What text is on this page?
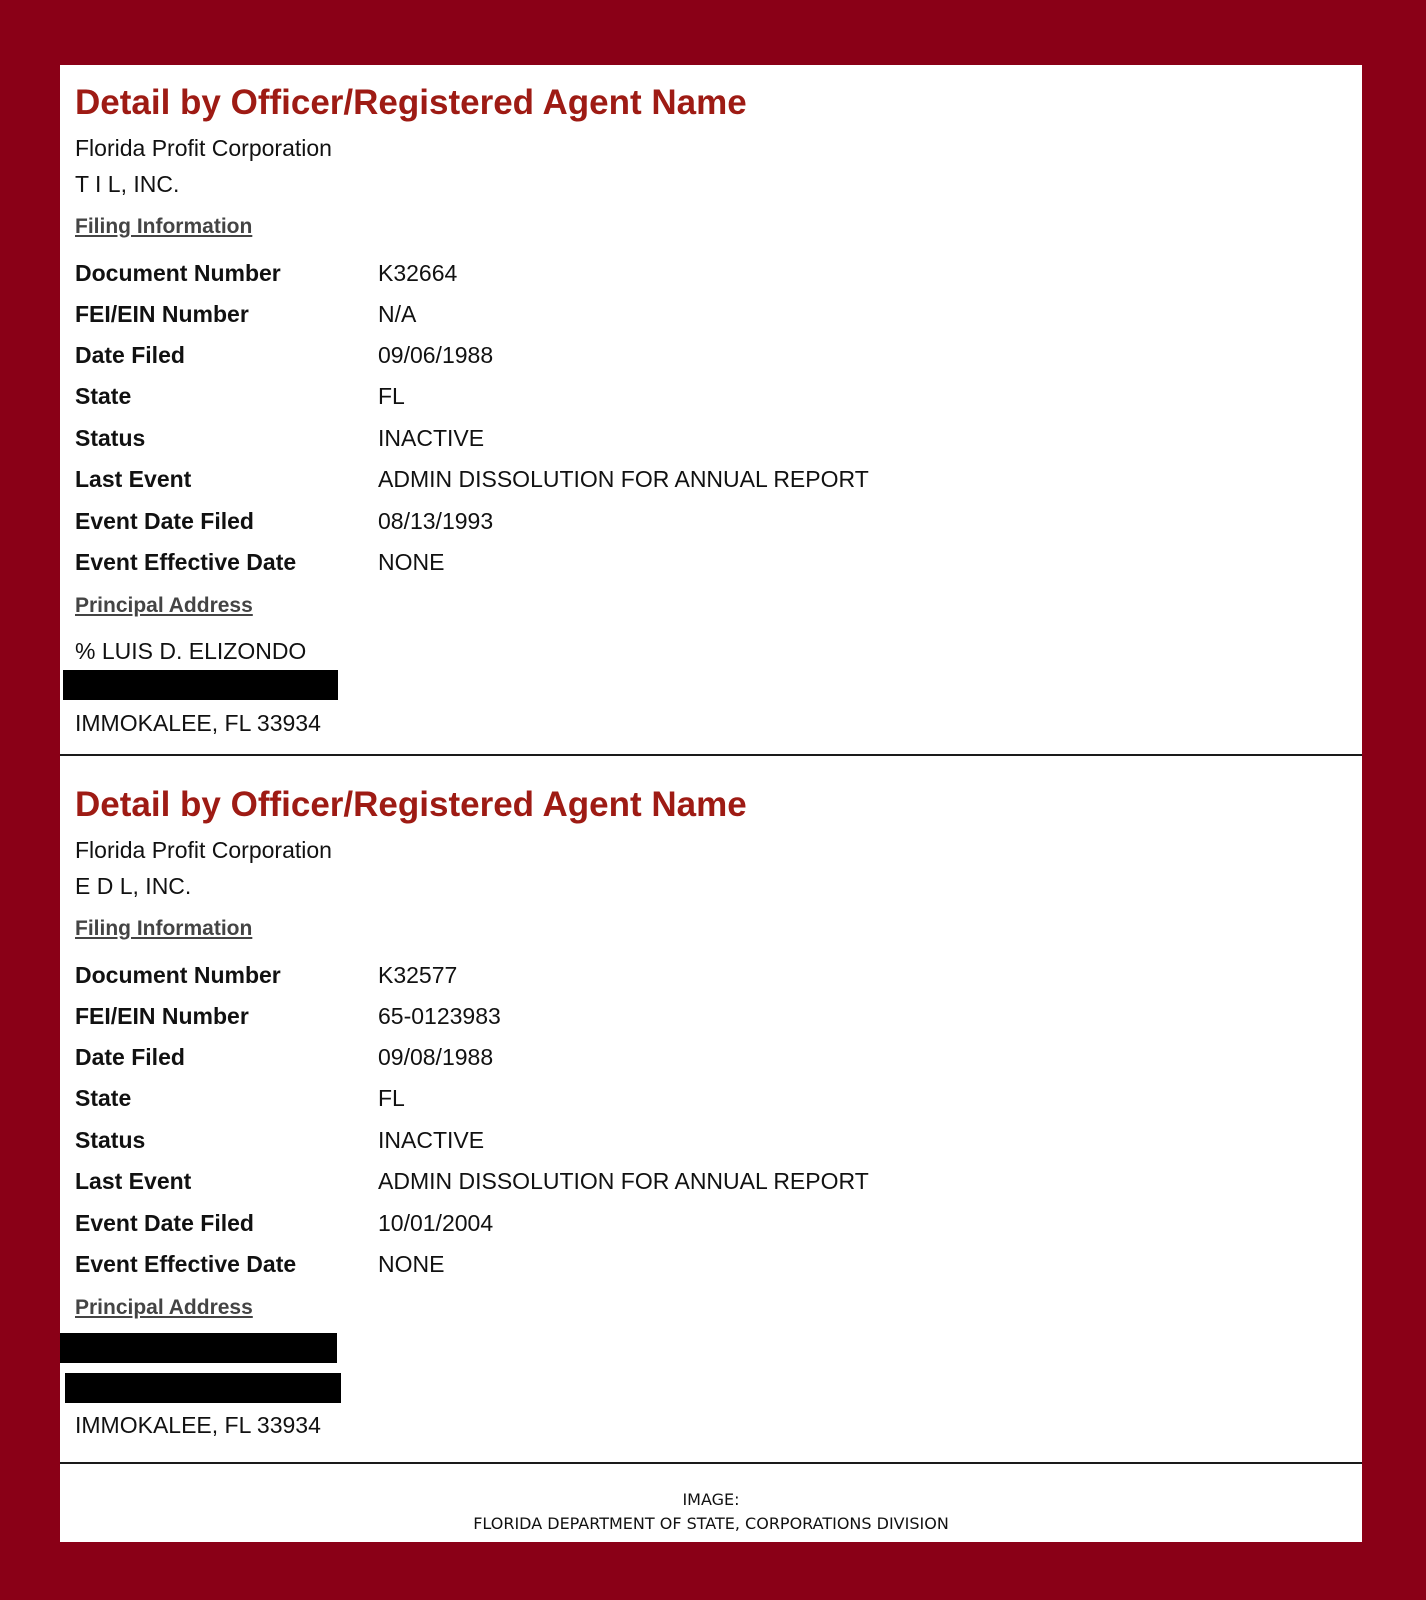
Detail by Officer/Registered Agent Name
Florida Profit Corporation
T I L, INC.
Filing Information
Document Number	K32664
FEI/EIN Number	N/A
Date Filed	09/06/1988
State	FL
Status	INACTIVE
Last Event	ADMIN DISSOLUTION FOR ANNUAL REPORT
Event Date Filed	08/13/1993
Event Effective Date	NONE
Principal Address
% LUIS D. ELIZONDO
IMMOKALEE, FL 33934
Detail by Officer/Registered Agent Name
Florida Profit Corporation
E D L, INC.
Filing Information
Document Number	K32577
FEI/EIN Number	65-0123983
Date Filed	09/08/1988
State	FL
Status	INACTIVE
Last Event	ADMIN DISSOLUTION FOR ANNUAL REPORT
Event Date Filed	10/01/2004
Event Effective Date	NONE
Principal Address
IMMOKALEE, FL 33934
IMAGE:
FLORIDA DEPARTMENT OF STATE, CORPORATIONS DIVISION
